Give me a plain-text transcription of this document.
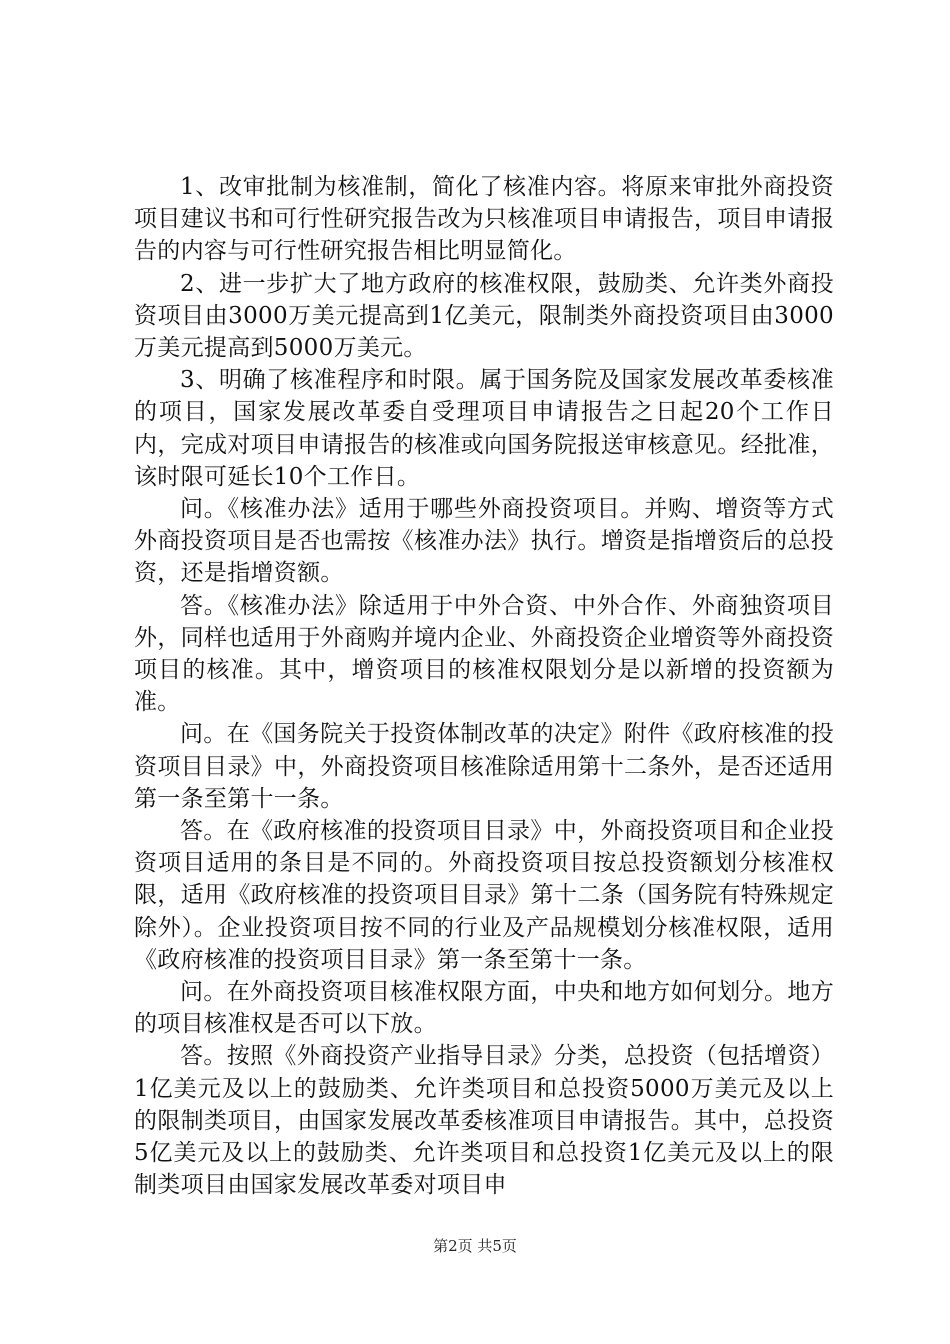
1、改审批制为核准制，简化了核准内容。将原来审批外商投资项目建议书和可行性研究报告改为只核准项目申请报告，项目申请报告的内容与可行性研究报告相比明显简化。

2、进一步扩大了地方政府的核准权限，鼓励类、允许类外商投资项目由3000万美元提高到1亿美元，限制类外商投资项目由3000万美元提高到5000万美元。

3、明确了核准程序和时限。属于国务院及国家发展改革委核准的项目，国家发展改革委自受理项目申请报告之日起20个工作日内，完成对项目申请报告的核准或向国务院报送审核意见。经批准，该时限可延长10个工作日。

问。《核准办法》适用于哪些外商投资项目。并购、增资等方式外商投资项目是否也需按《核准办法》执行。增资是指增资后的总投资，还是指增资额。

答。《核准办法》除适用于中外合资、中外合作、外商独资项目外，同样也适用于外商购并境内企业、外商投资企业增资等外商投资项目的核准。其中，增资项目的核准权限划分是以新增的投资额为准。

问。在《国务院关于投资体制改革的决定》附件《政府核准的投资项目目录》中，外商投资项目核准除适用第十二条外，是否还适用第一条至第十一条。

答。在《政府核准的投资项目目录》中，外商投资项目和企业投资项目适用的条目是不同的。外商投资项目按总投资额划分核准权限，适用《政府核准的投资项目目录》第十二条（国务院有特殊规定除外）。企业投资项目按不同的行业及产品规模划分核准权限，适用《政府核准的投资项目目录》第一条至第十一条。

问。在外商投资项目核准权限方面，中央和地方如何划分。地方的项目核准权是否可以下放。

答。按照《外商投资产业指导目录》分类，总投资（包括增资）1亿美元及以上的鼓励类、允许类项目和总投资5000万美元及以上的限制类项目，由国家发展改革委核准项目申请报告。其中，总投资5亿美元及以上的鼓励类、允许类项目和总投资1亿美元及以上的限制类项目由国家发展改革委对项目申

第2页 共5页
